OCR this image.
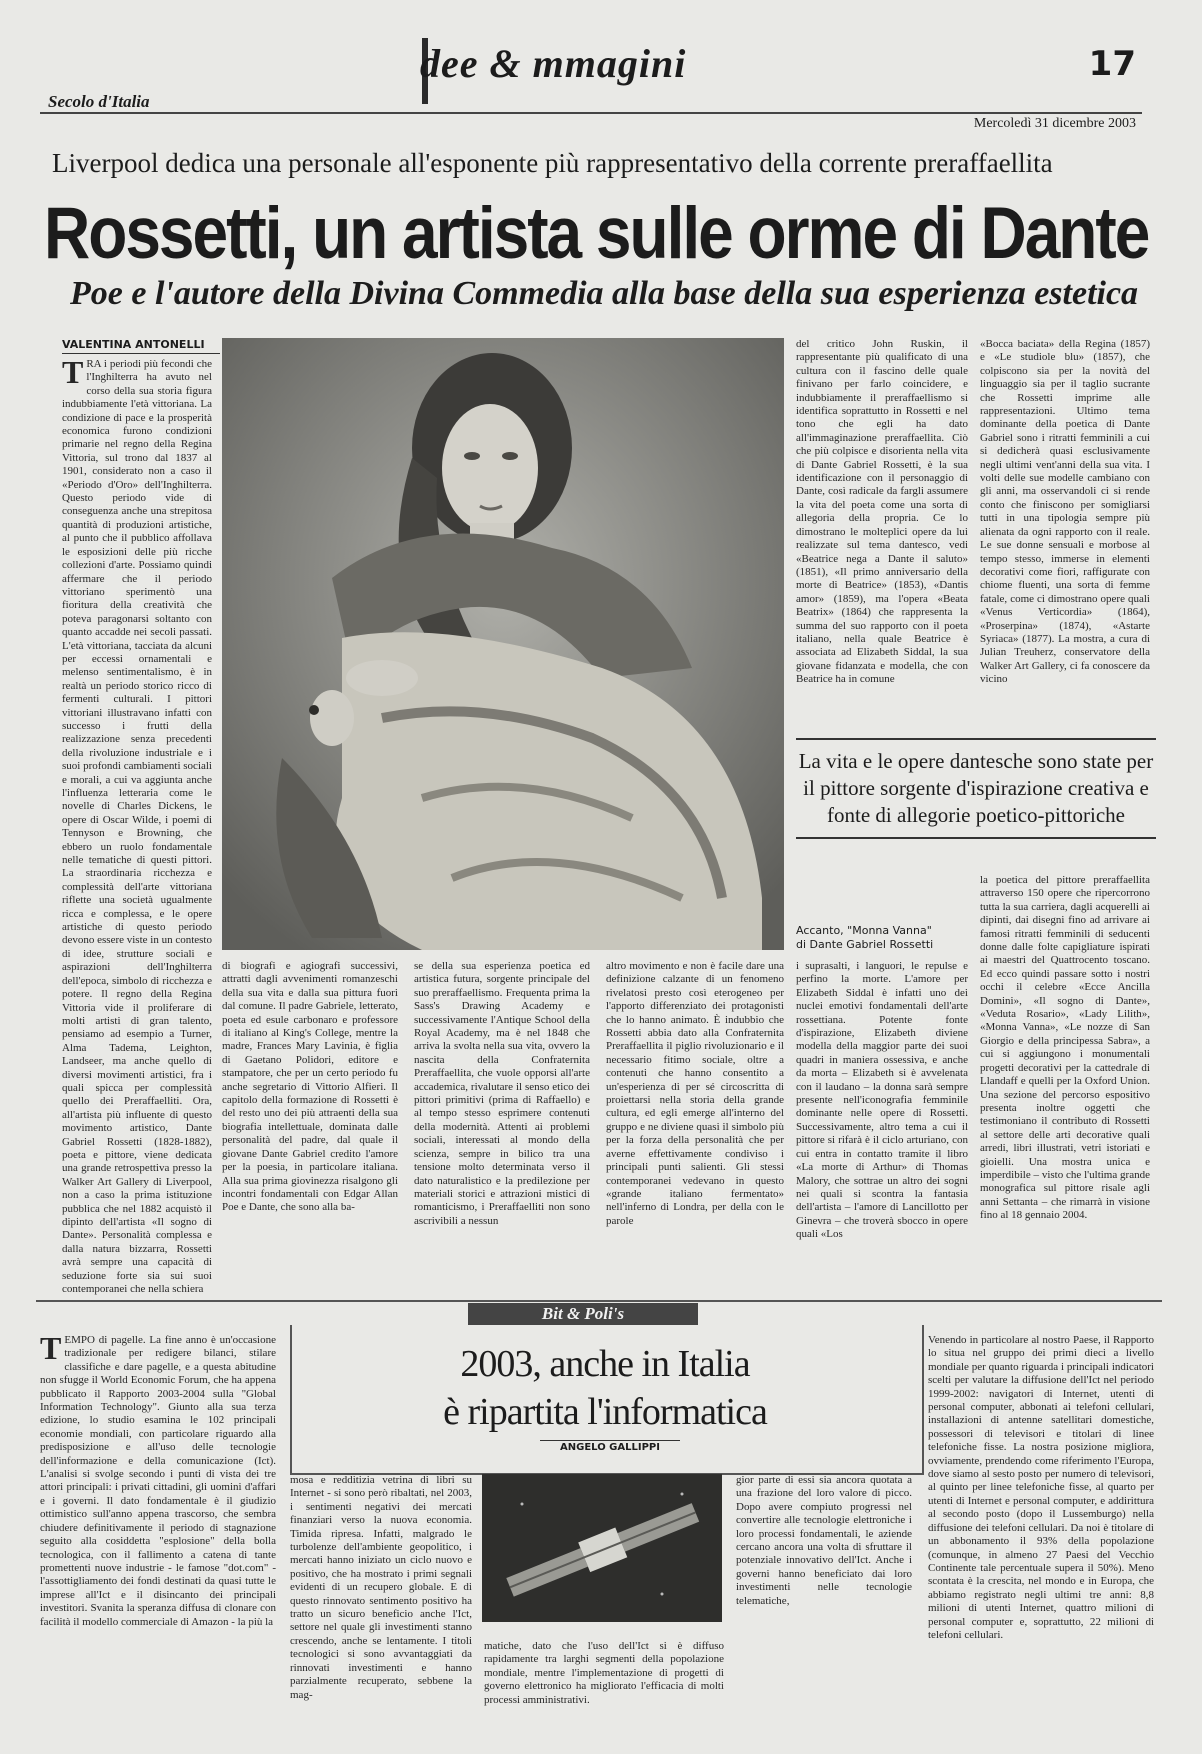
Secolo d'Italia
dee & mmagini	17
Mercoledì 31 dicembre 2003
Liverpool dedica una personale all'esponente più rappresentativo della corrente preraffaellita
Rossetti, un artista sulle orme di Dante
Poe e l'autore della Divina Commedia alla base della sua esperienza estetica
VALENTINA ANTONELLI
TRA i periodi più fecondi che l'Inghilterra ha avuto nel corso della sua storia figura indubbiamente l'età vittoriana. La condizione di pace e la prosperità economica furono condizioni primarie nel regno della Regina Vittoria, sul trono dal 1837 al 1901, considerato non a caso il «Periodo d'Oro» dell'Inghilterra. Questo periodo vide di conseguenza anche una strepitosa quantità di produzioni artistiche, al punto che il pubblico affollava le esposizioni delle più ricche collezioni d'arte. Possiamo quindi affermare che il periodo vittoriano sperimentò una fioritura della creatività che poteva paragonarsi soltanto con quanto accadde nei secoli passati. L'età vittoriana, tacciata da alcuni per eccessi ornamentali e melenso sentimentalismo, è in realtà un periodo storico ricco di fermenti culturali. I pittori vittoriani illustravano infatti con successo i frutti della realizzazione senza precedenti della rivoluzione industriale e i suoi profondi cambiamenti sociali e morali, a cui va aggiunta anche l'influenza letteraria come le novelle di Charles Dickens, le opere di Oscar Wilde, i poemi di Tennyson e Browning, che ebbero un ruolo fondamentale nelle tematiche di questi pittori. La straordinaria ricchezza e complessità dell'arte vittoriana riflette una società ugualmente ricca e complessa, e le opere artistiche di questo periodo devono essere viste in un contesto di idee, strutture sociali e aspirazioni dell'Inghilterra dell'epoca, simbolo di ricchezza e potere. Il regno della Regina Vittoria vide il proliferare di molti artisti di gran talento, pensiamo ad esempio a Turner, Alma Tadema, Leighton, Landseer, ma anche quello di diversi movimenti artistici, fra i quali spicca per complessità quello dei Preraffaelliti. Ora, all'artista più influente di questo movimento artistico, Dante Gabriel Rossetti (1828-1882), poeta e pittore, viene dedicata una grande retrospettiva presso la Walker Art Gallery di Liverpool, non a caso la prima istituzione pubblica che nel 1882 acquistò il dipinto dell'artista «Il sogno di Dante». Personalità complessa e dalla natura bizzarra, Rossetti avrà sempre una capacità di seduzione forte sia sui suoi contemporanei che nella schiera
del critico John Ruskin, il rappresentante più qualificato di una cultura con il fascino delle quale finivano per farlo coincidere, e indubbiamente il preraffaellismo si identifica soprattutto in Rossetti e nel tono che egli ha dato all'immaginazione preraffaellita. Ciò che più colpisce e disorienta nella vita di Dante Gabriel Rossetti, è la sua identificazione con il personaggio di Dante, così radicale da fargli assumere la vita del poeta come una sorta di allegoria della propria. Ce lo dimostrano le molteplici opere da lui realizzate sul tema dantesco, vedi «Beatrice nega a Dante il saluto» (1851), «Il primo anniversario della morte di Beatrice» (1853), «Dantis amor» (1859), ma l'opera «Beata Beatrix» (1864) che rappresenta la summa del suo rapporto con il poeta italiano, nella quale Beatrice è associata ad Elizabeth Siddal, la sua giovane fidanzata e modella, che con Beatrice ha in comune
«Bocca baciata» della Regina (1857) e «Le studiole blu» (1857), che colpiscono sia per la novità del linguaggio sia per il taglio sucrante che Rossetti imprime alle rappresentazioni. Ultimo tema dominante della poetica di Dante Gabriel sono i ritratti femminili a cui si dedicherà quasi esclusivamente negli ultimi vent'anni della sua vita. I volti delle sue modelle cambiano con gli anni, ma osservandoli ci si rende conto che finiscono per somigliarsi tutti in una tipologia sempre più alienata da ogni rapporto con il reale. Le sue donne sensuali e morbose al tempo stesso, immerse in elementi decorativi come fiori, raffigurate con chiome fluenti, una sorta di femme fatale, come ci dimostrano opere quali «Venus Verticordia» (1864), «Proserpina» (1874), «Astarte Syriaca» (1877). La mostra, a cura di Julian Treuherz, conservatore della Walker Art Gallery, ci fa conoscere da vicino
La vita e le opere dantesche sono state per il pittore sorgente d'ispirazione creativa e fonte di allegorie poetico-pittoriche
Accanto, "Monna Vanna"
di Dante Gabriel Rossetti
di biografi e agiografi successivi, attratti dagli avvenimenti romanzeschi della sua vita e dalla sua pittura fuori dal comune. Il padre Gabriele, letterato, poeta ed esule carbonaro e professore di italiano al King's College, mentre la madre, Frances Mary Lavinia, è figlia di Gaetano Polidori, editore e stampatore, che per un certo periodo fu anche segretario di Vittorio Alfieri. Il capitolo della formazione di Rossetti è del resto uno dei più attraenti della sua biografia intellettuale, dominata dalle personalità del padre, dal quale il giovane Dante Gabriel credito l'amore per la poesia, in particolare italiana. Alla sua prima giovinezza risalgono gli incontri fondamentali con Edgar Allan Poe e Dante, che sono alla ba-
se della sua esperienza poetica ed artistica futura, sorgente principale del suo preraffaellismo. Frequenta prima la Sass's Drawing Academy e successivamente l'Antique School della Royal Academy, ma è nel 1848 che arriva la svolta nella sua vita, ovvero la nascita della Confraternita Preraffaellita, che vuole opporsi all'arte accademica, rivalutare il senso etico dei pittori primitivi (prima di Raffaello) e al tempo stesso esprimere contenuti della modernità. Attenti ai problemi sociali, interessati al mondo della scienza, sempre in bilico tra una tensione molto determinata verso il dato naturalistico e la predilezione per materiali storici e attrazioni mistici di romanticismo, i Preraffaelliti non sono ascrivibili a nessun
altro movimento e non è facile dare una definizione calzante di un fenomeno rivelatosi presto così eterogeneo per l'apporto differenziato dei protagonisti che lo hanno animato. È indubbio che Rossetti abbia dato alla Confraternita Preraffaellita il piglio rivoluzionario e il necessario fitimo sociale, oltre a contenuti che hanno consentito a un'esperienza di per sé circoscritta di proiettarsi nella storia della grande cultura, ed egli emerge all'interno del gruppo e ne diviene quasi il simbolo più per la forza della personalità che per averne effettivamente condiviso i principali punti salienti. Gli stessi contemporanei vedevano in questo «grande italiano fermentato» nell'inferno di Londra, per della con le parole
i suprasalti, i languori, le repulse e perfino la morte. L'amore per Elizabeth Siddal è infatti uno dei nuclei emotivi fondamentali dell'arte rossettiana. Potente fonte d'ispirazione, Elizabeth diviene modella della maggior parte dei suoi quadri in maniera ossessiva, e anche da morta – Elizabeth si è avvelenata con il laudano – la donna sarà sempre presente nell'iconografia femminile dominante nelle opere di Rossetti. Successivamente, altro tema a cui il pittore si rifarà è il ciclo arturiano, con cui entra in contatto tramite il libro «La morte di Arthur» di Thomas Malory, che sottrae un altro dei sogni nei quali si scontra la fantasia dell'artista – l'amore di Lancillotto per Ginevra – che troverà sbocco in opere quali «Los
la poetica del pittore preraffaellita attraverso 150 opere che ripercorrono tutta la sua carriera, dagli acquerelli ai dipinti, dai disegni fino ad arrivare ai famosi ritratti femminili di seducenti donne dalle folte capigliature ispirati ai maestri del Quattrocento toscano. Ed ecco quindi passare sotto i nostri occhi il celebre «Ecce Ancilla Domini», «Il sogno di Dante», «Veduta Rosario», «Lady Lilith», «Monna Vanna», «Le nozze di San Giorgio e della principessa Sabra», a cui si aggiungono i monumentali progetti decorativi per la cattedrale di Llandaff e quelli per la Oxford Union. Una sezione del percorso espositivo presenta inoltre oggetti che testimoniano il contributo di Rossetti al settore delle arti decorative quali arredi, libri illustrati, vetri istoriati e gioielli. Una mostra unica e imperdibile – visto che l'ultima grande monografica sul pittore risale agli anni Settanta – che rimarrà in visione fino al 18 gennaio 2004.
Bit & Poli's
2003, anche in Italia
è ripartita l'informatica
ANGELO GALLIPPI
TEMPO di pagelle. La fine anno è un'occasione tradizionale per redigere bilanci, stilare classifiche e dare pagelle, e a questa abitudine non sfugge il World Economic Forum, che ha appena pubblicato il Rapporto 2003-2004 sulla "Global Information Technology". Giunto alla sua terza edizione, lo studio esamina le 102 principali economie mondiali, con particolare riguardo alla predisposizione e all'uso delle tecnologie dell'informazione e della comunicazione (Ict). L'analisi si svolge secondo i punti di vista dei tre attori principali: i privati cittadini, gli uomini d'affari e i governi. Il dato fondamentale è il giudizio ottimistico sull'anno appena trascorso, che sembra chiudere definitivamente il periodo di stagnazione seguito alla cosiddetta "esplosione" della bolla tecnologica, con il fallimento a catena di tante promettenti nuove industrie - le famose "dot.com" - l'assottigliamento dei fondi destinati da quasi tutte le imprese all'Ict e il disincanto dei principali investitori. Svanita la speranza diffusa di clonare con facilità il modello commerciale di Amazon - la più la
mosa e redditizia vetrina di libri su Internet - si sono però ribaltati, nel 2003, i sentimenti negativi dei mercati finanziari verso la nuova economia. Timida ripresa. Infatti, malgrado le turbolenze dell'ambiente geopolitico, i mercati hanno iniziato un ciclo nuovo e positivo, che ha mostrato i primi segnali evidenti di un recupero globale. E di questo rinnovato sentimento positivo ha tratto un sicuro beneficio anche l'Ict, settore nel quale gli investimenti stanno crescendo, anche se lentamente. I titoli tecnologici si sono avvantaggiati da rinnovati investimenti e hanno parzialmente recuperato, sebbene la mag-
matiche, dato che l'uso dell'Ict si è diffuso rapidamente tra larghi segmenti della popolazione mondiale, mentre l'implementazione di progetti di governo elettronico ha migliorato l'efficacia di molti processi amministrativi.
gior parte di essi sia ancora quotata a una frazione del loro valore di picco. Dopo avere compiuto progressi nel convertire alle tecnologie elettroniche i loro processi fondamentali, le aziende cercano ancora una volta di sfruttare il potenziale innovativo dell'Ict. Anche i governi hanno beneficiato dai loro investimenti nelle tecnologie telematiche,
Venendo in particolare al nostro Paese, il Rapporto lo situa nel gruppo dei primi dieci a livello mondiale per quanto riguarda i principali indicatori scelti per valutare la diffusione dell'Ict nel periodo 1999-2002: navigatori di Internet, utenti di personal computer, abbonati ai telefoni cellulari, installazioni di antenne satellitari domestiche, possessori di televisori e titolari di linee telefoniche fisse. La nostra posizione migliora, ovviamente, prendendo come riferimento l'Europa, dove siamo al sesto posto per numero di televisori, al quinto per linee telefoniche fisse, al quarto per utenti di Internet e personal computer, e addirittura al secondo posto (dopo il Lussemburgo) nella diffusione dei telefoni cellulari. Da noi è titolare di un abbonamento il 93% della popolazione (comunque, in almeno 27 Paesi del Vecchio Continente tale percentuale supera il 50%). Meno scontata è la crescita, nel mondo e in Europa, che abbiamo registrato negli ultimi tre anni: 8,8 milioni di utenti Internet, quattro milioni di personal computer e, soprattutto, 22 milioni di telefoni cellulari.
